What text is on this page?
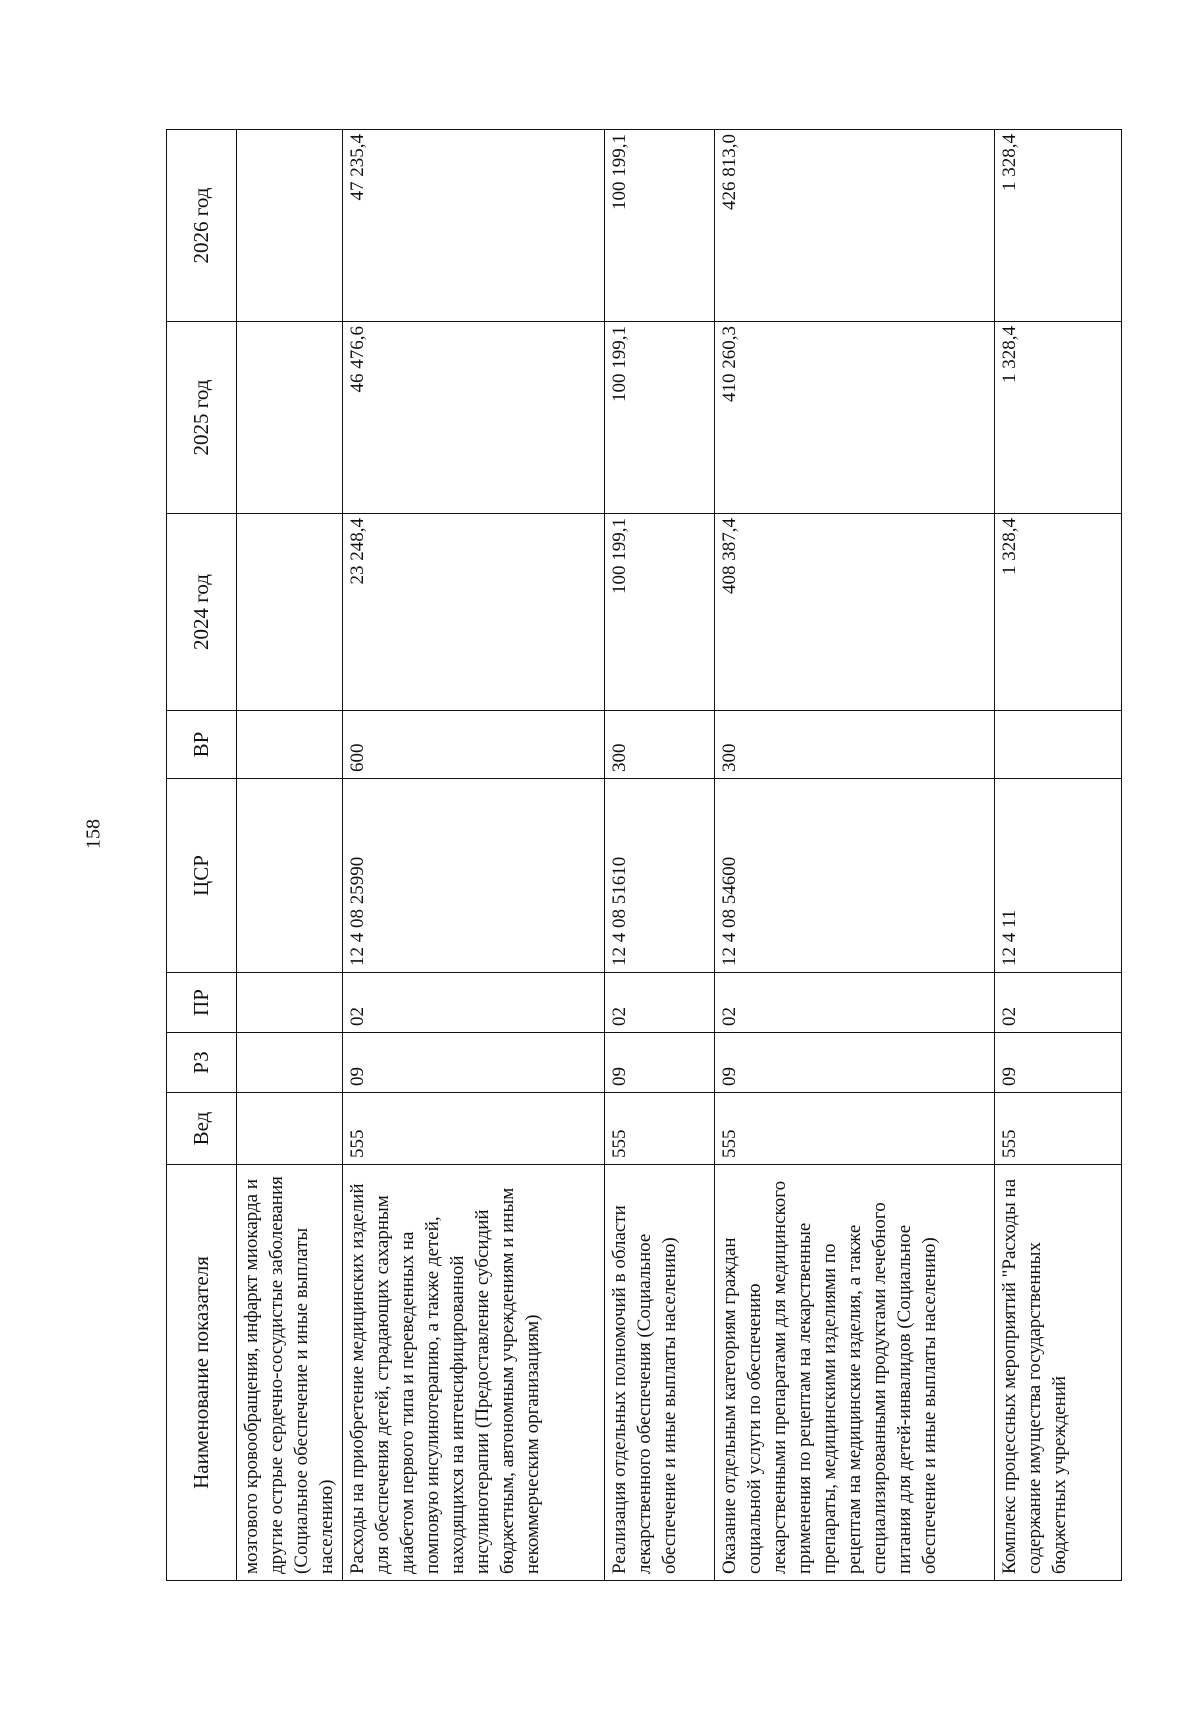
158
Наименование показателя	Вед	РЗ	ПР	ЦСР	ВР	2024 год	2025 год	2026 год
мозгового кровообращения, инфаркт миокарда и другие острые сердечно-сосудистые заболевания (Социальное обеспечение и иные выплаты населению)								
Расходы на приобретение медицинских изделий для обеспечения детей, страдающих сахарным диабетом первого типа и переведенных на помповую инсулинотерапию, а также детей, находящихся на интенсифицированной инсулинотерапии (Предоставление субсидий бюджетным, автономным учреждениям и иным некоммерческим организациям)	555	09	02	12 4 08 25990	600	23 248,4	46 476,6	47 235,4
Реализация отдельных полномочий в области лекарственного обеспечения (Социальное обеспечение и иные выплаты населению)	555	09	02	12 4 08 51610	300	100 199,1	100 199,1	100 199,1
Оказание отдельным категориям граждан социальной услуги по обеспечению лекарственными препаратами для медицинского применения по рецептам на лекарственные препараты, медицинскими изделиями по рецептам на медицинские изделия, а также специализированными продуктами лечебного питания для детей-инвалидов (Социальное обеспечение и иные выплаты населению)	555	09	02	12 4 08 54600	300	408 387,4	410 260,3	426 813,0
Комплекс процессных мероприятий "Расходы на содержание имущества государственных бюджетных учреждений	555	09	02	12 4 11		1 328,4	1 328,4	1 328,4
